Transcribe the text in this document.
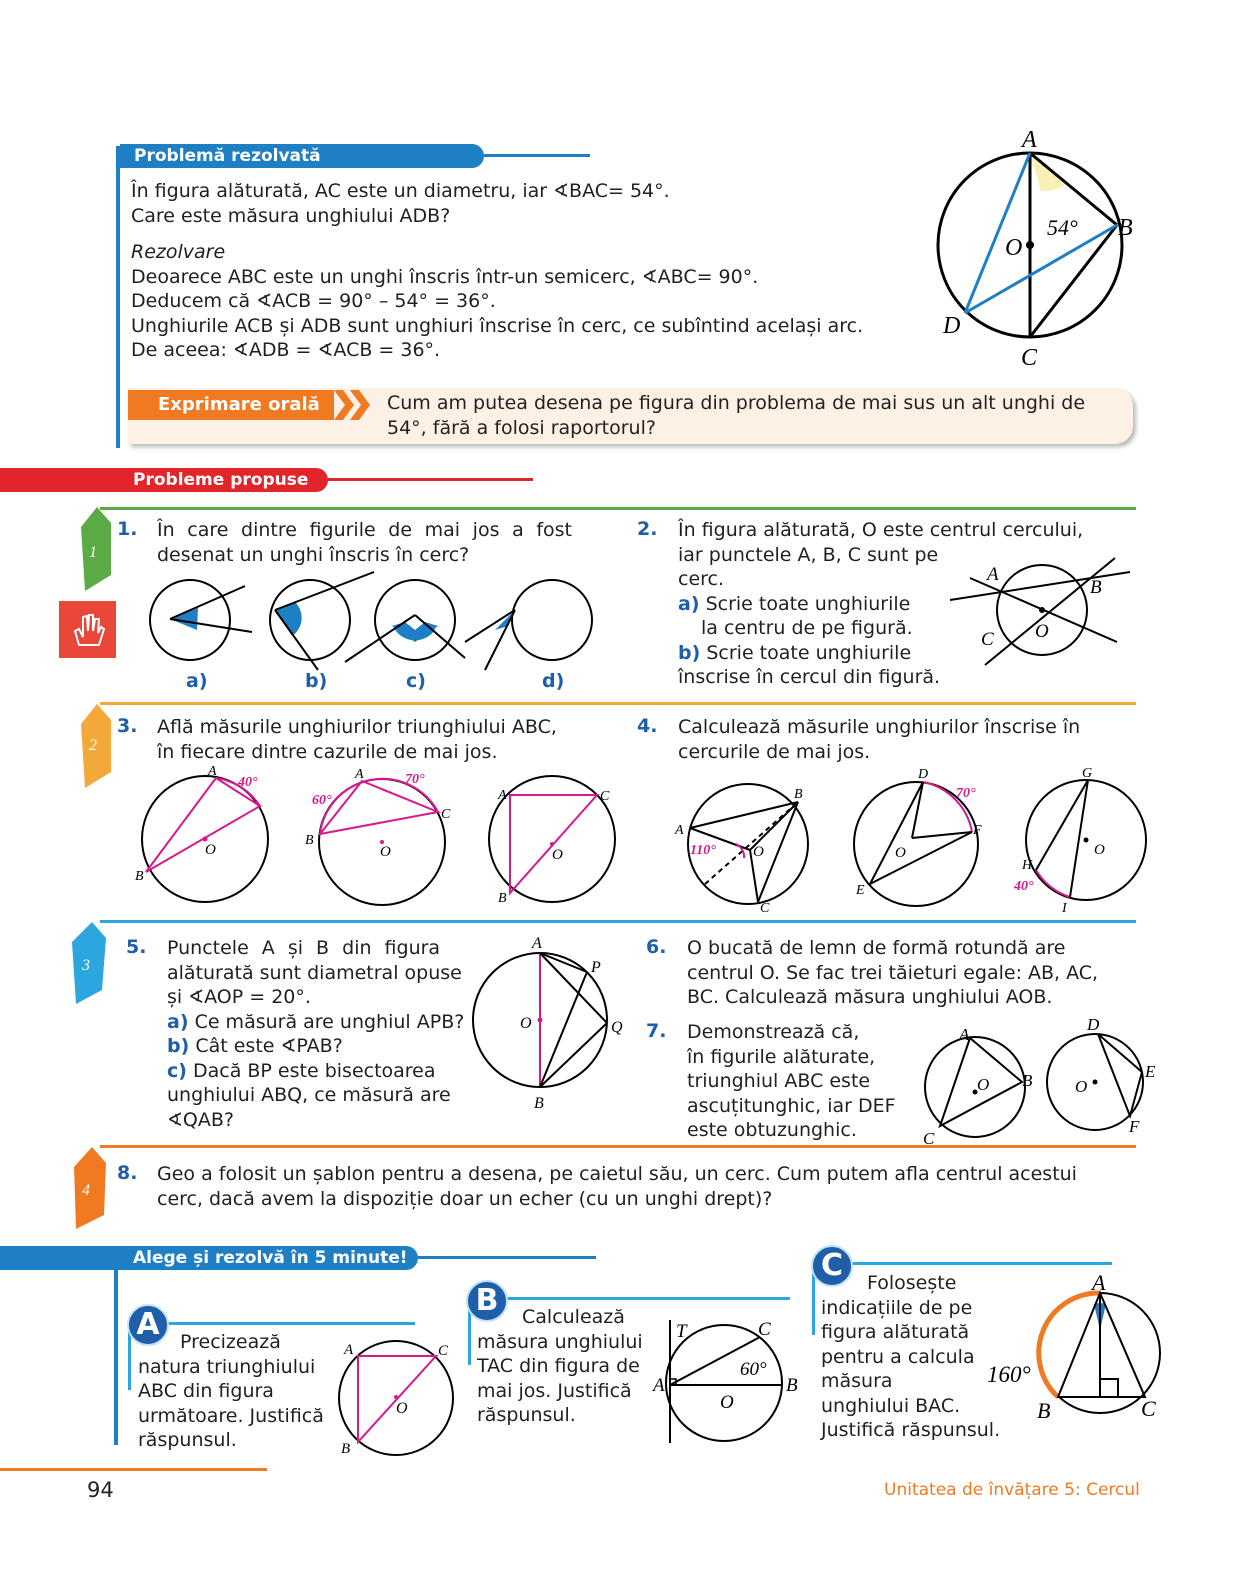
Problemă rezolvată
În figura alăturată, AC este un diametru, iar ∢BAC= 54°.
Care este măsura unghiului ADB?
Rezolvare
Deoarece ABC este un unghi înscris într-un semicerc, ∢ABC= 90°.
Deducem că ∢ACB = 90° – 54° = 36°.
Unghiurile ACB și ADB sunt unghiuri înscrise în cerc, ce subîntind același arc.
De aceea: ∢ADB = ∢ACB = 36°.
A
B
C
D
O
54°
Exprimare orală	Cum am putea desena pe figura din problema de mai sus un alt unghi de 54°, fără a folosi raportorul?
Probleme propuse
1
2
3
4
1. În care dintre figurile de mai jos a fost desenat un unghi înscris în cerc?
a)	b)	c)	d)
2. În figura alăturată, O este centrul cercului,
iar punctele A, B, C sunt pe
cerc.
a) Scrie toate unghiurile
la centru de pe figură.
b) Scrie toate unghiurile
înscrise în cercul din figură.
A
B
C O
3. Află măsurile unghiurilor triunghiului ABC,
în fiecare dintre cazurile de mai jos.
A
B
O
40°
A
B
C
O
60°
70°
A
B
C
O
4. Calculează măsurile unghiurilor înscrise în
cercurile de mai jos.
A
B
C
O
110°
D
E
F
O
70°
G
H
I
O
40°
5. Punctele A și B din figura
alăturată sunt diametral opuse
și ∢AOP = 20°.
a) Ce măsură are unghiul APB?
b) Cât este ∢PAB?
c) Dacă BP este bisectoarea
unghiului ABQ, ce măsură are
∢QAB?
A
B
P
Q
O
6. O bucată de lemn de formă rotundă are
centrul O. Se fac trei tăieturi egale: AB, AC,
BC. Calculează măsura unghiului AOB.
7. Demonstrează că,
în figurile alăturate,
triunghiul ABC este
ascuțitunghic, iar DEF
este obtuzunghic.
A
B
C
O
D
E
F
O
8. Geo a folosit un șablon pentru a desena, pe caietul său, un cerc. Cum putem afla centrul acestui
cerc, dacă avem la dispoziție doar un echer (cu un unghi drept)?
Alege și rezolvă în 5 minute!
A	Precizează
natura triunghiului
ABC din figura
următoare. Justifică
răspunsul.
A
B
C
O
B	Calculează
măsura unghiului
TAC din figura de
mai jos. Justifică
răspunsul.
T	C
A
O
B
60°
C	Folosește
indicațiile de pe
figura alăturată
pentru a calcula
măsura
unghiului BAC.
Justifică răspunsul.
A
B	C
160°
94	Unitatea de învățare 5: Cercul
